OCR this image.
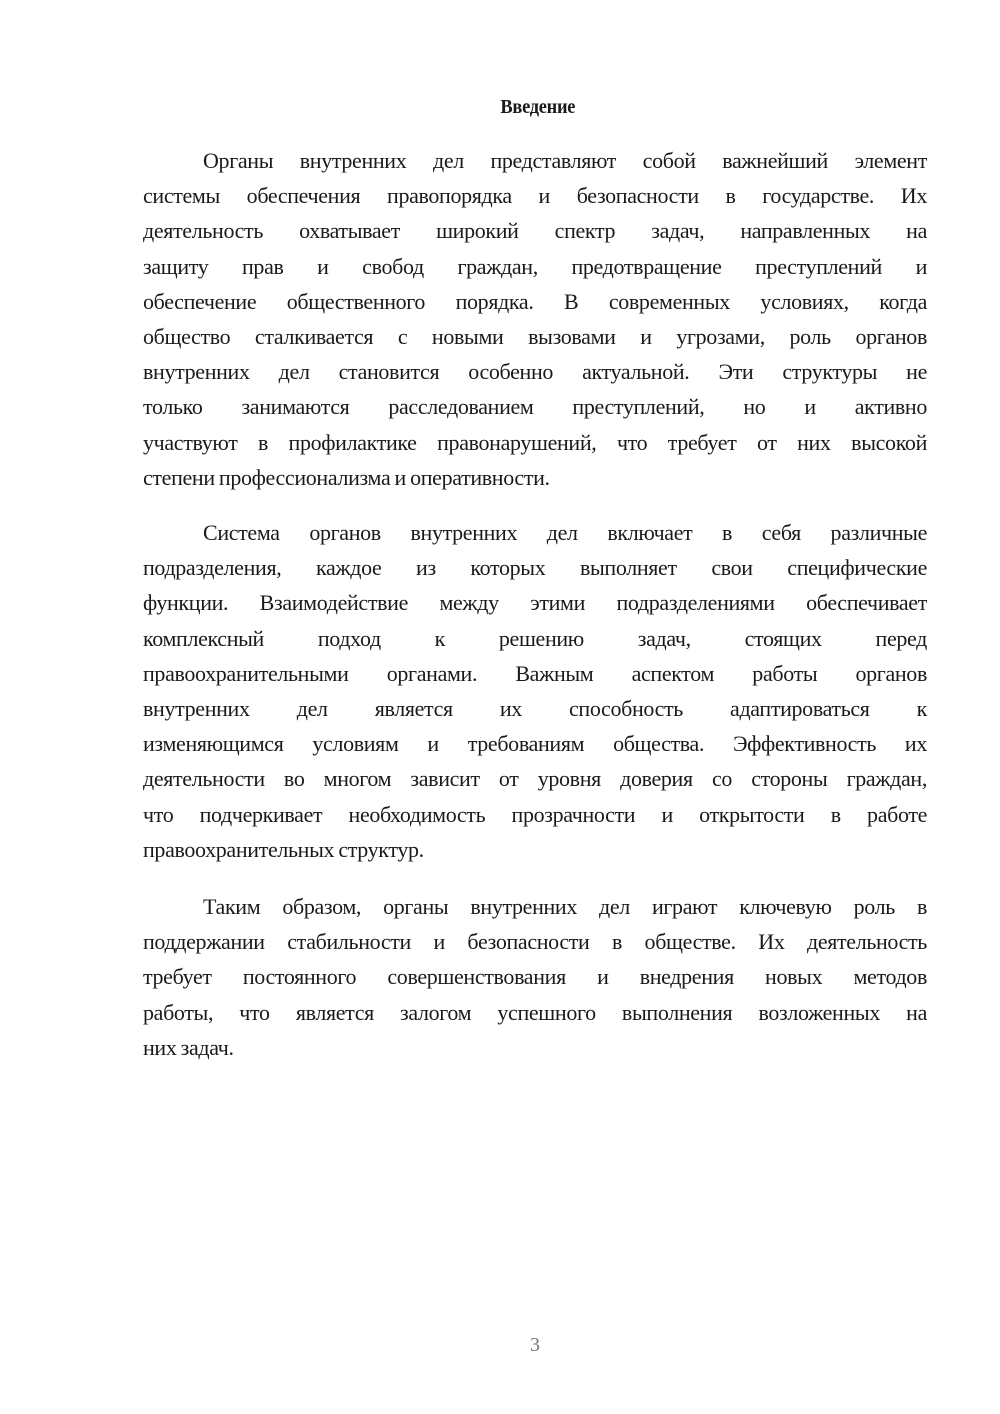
Введение
Органы внутренних дел представляют собой важнейший элемент
системы обеспечения правопорядка и безопасности в государстве. Их
деятельность охватывает широкий спектр задач, направленных на
защиту прав и свобод граждан, предотвращение преступлений и
обеспечение общественного порядка. В современных условиях, когда
общество сталкивается с новыми вызовами и угрозами, роль органов
внутренних дел становится особенно актуальной. Эти структуры не
только занимаются расследованием преступлений, но и активно
участвуют в профилактике правонарушений, что требует от них высокой
степени профессионализма и оперативности.
Система органов внутренних дел включает в себя различные
подразделения, каждое из которых выполняет свои специфические
функции. Взаимодействие между этими подразделениями обеспечивает
комплексный подход к решению задач, стоящих перед
правоохранительными органами. Важным аспектом работы органов
внутренних дел является их способность адаптироваться к
изменяющимся условиям и требованиям общества. Эффективность их
деятельности во многом зависит от уровня доверия со стороны граждан,
что подчеркивает необходимость прозрачности и открытости в работе
правоохранительных структур.
Таким образом, органы внутренних дел играют ключевую роль в
поддержании стабильности и безопасности в обществе. Их деятельность
требует постоянного совершенствования и внедрения новых методов
работы, что является залогом успешного выполнения возложенных на
них задач.
3
